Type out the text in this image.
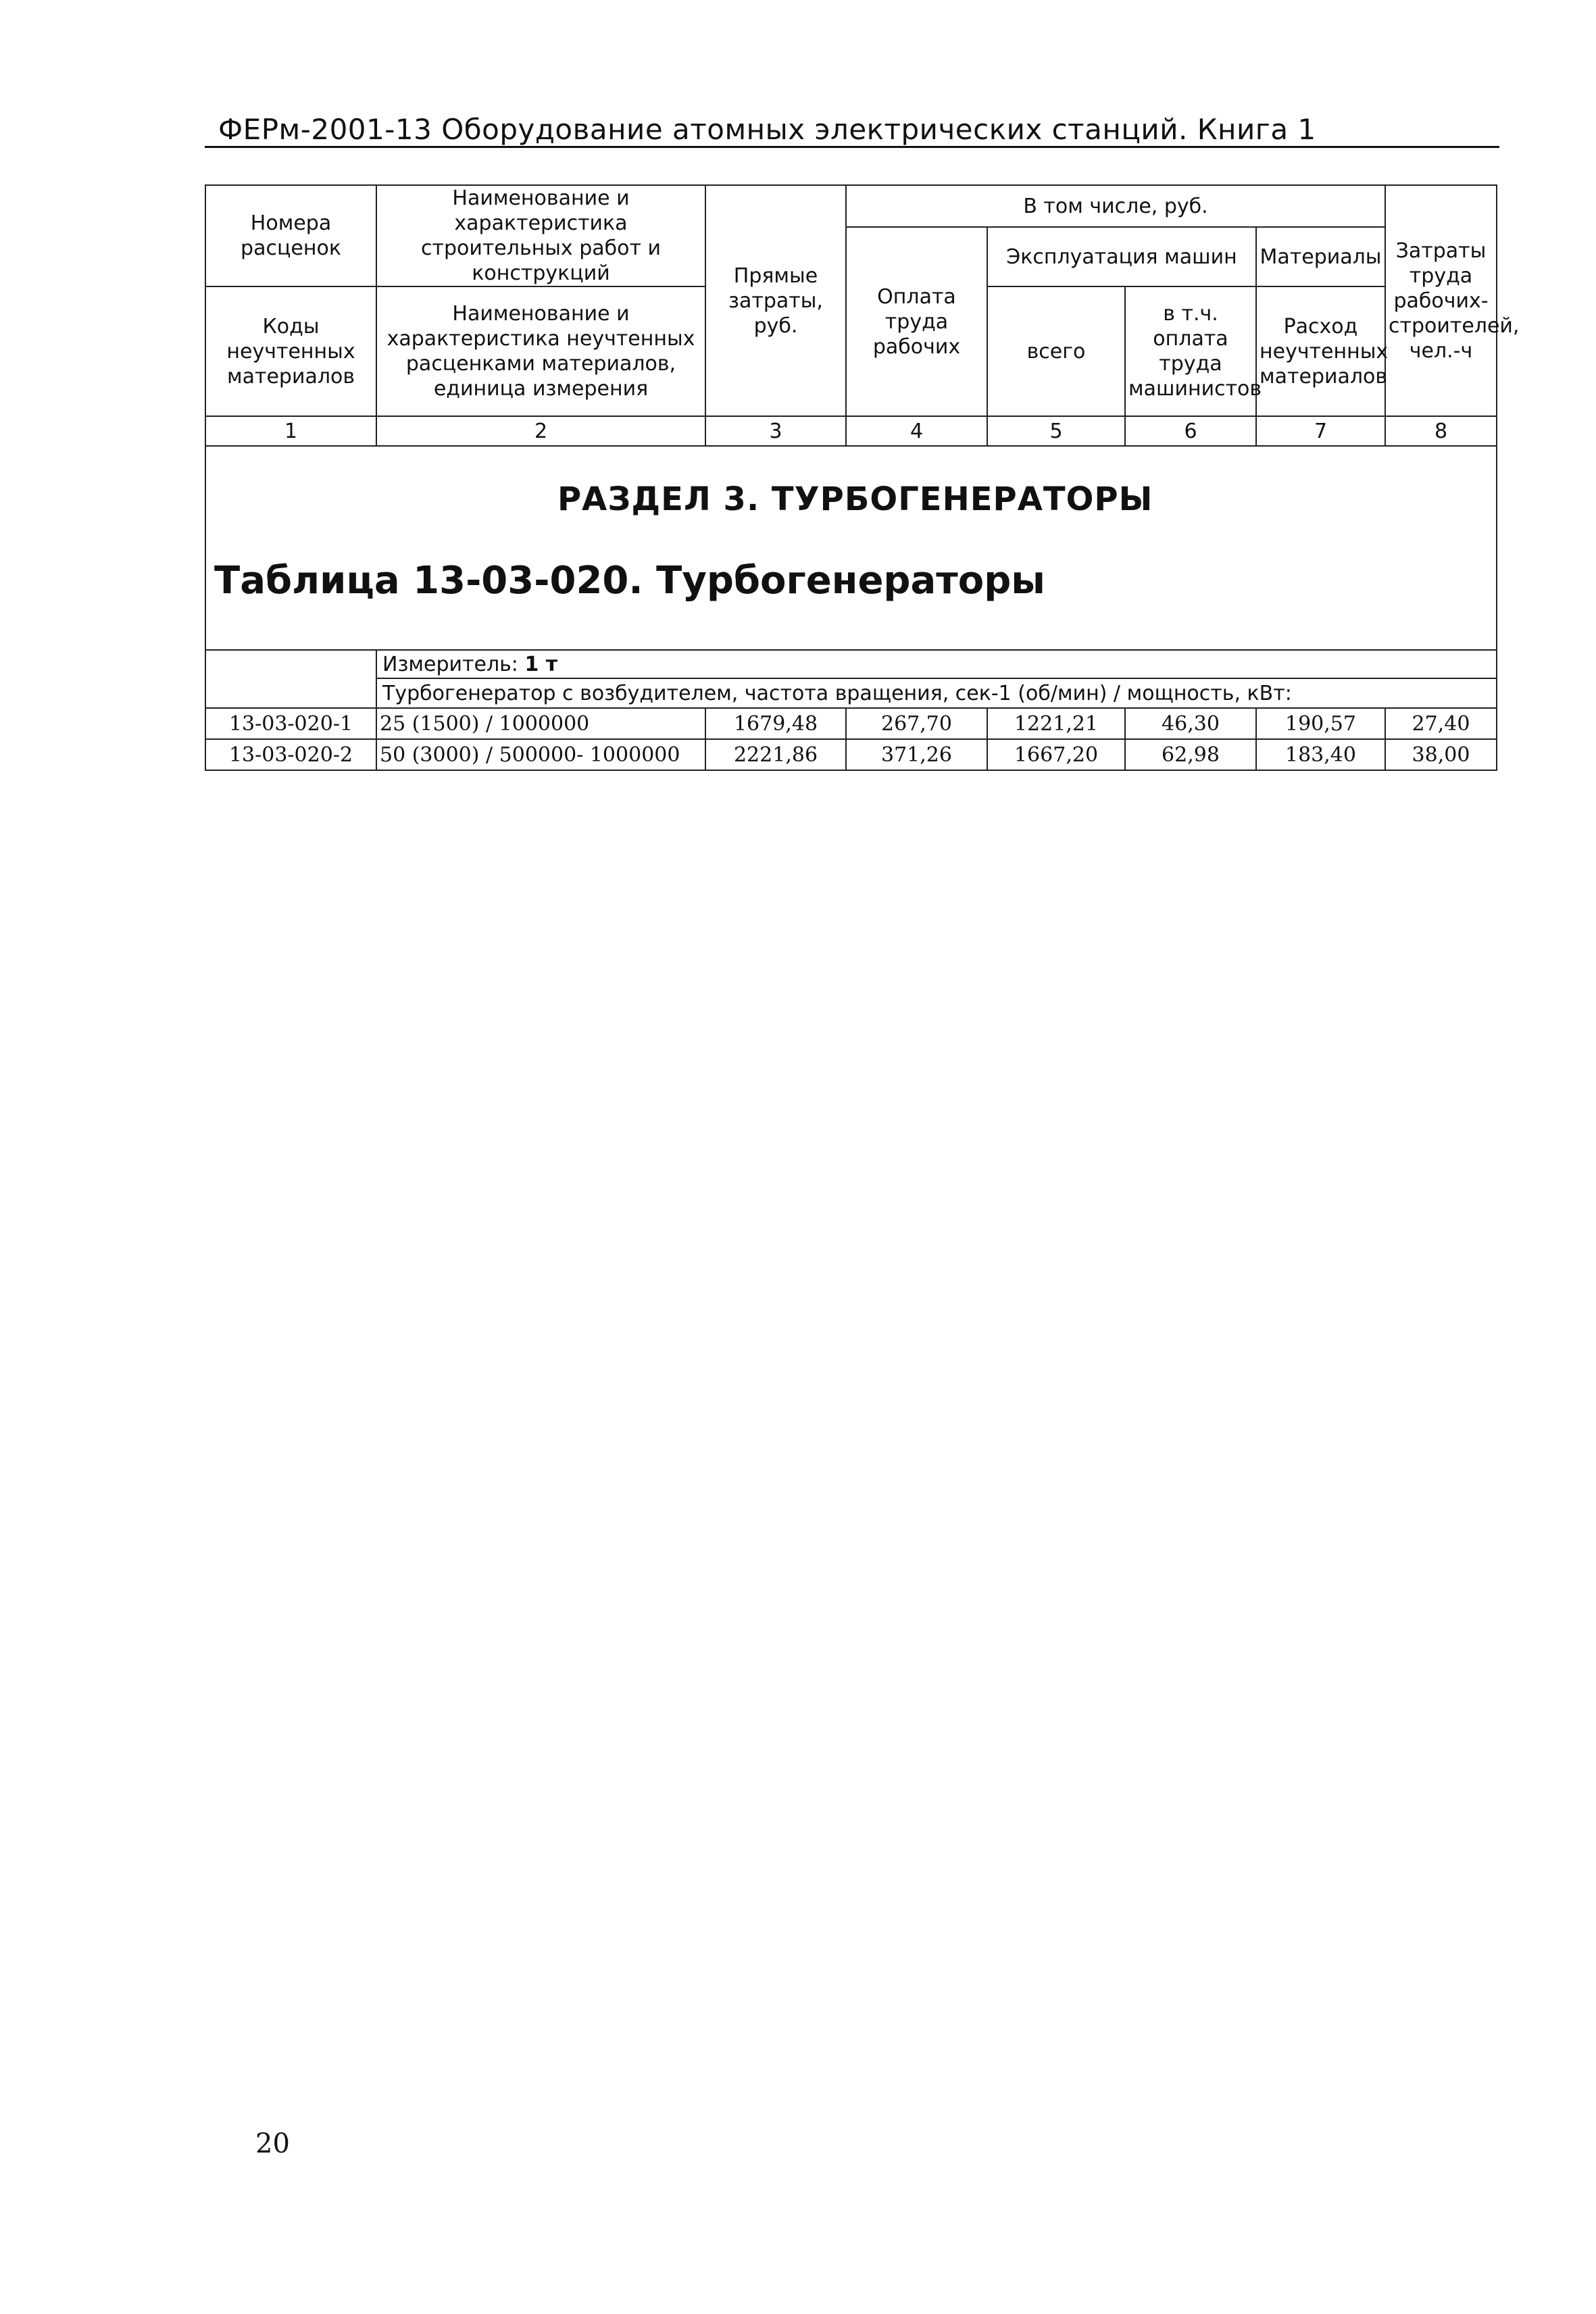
ФЕРм-2001-13 Оборудование атомных электрических станций. Книга 1
Номера расценок	Наименование и характеристика строительных работ и конструкций	Прямые затраты, руб.	В том числе, руб.				Затраты труда рабочих-строителей, чел.-ч
			Оплата труда рабочих	Эксплуатация машин		Материалы	
Коды неучтенных материалов	Наименование и характеристика неучтенных расценками материалов, единица измерения			всего	в т.ч. оплата труда машинистов	Расход неучтенных материалов	

1	2	3	4	5	6	7	8

РАЗДЕЛ 3. ТУРБОГЕНЕРАТОРЫ
Таблица 13-03-020. Турбогенераторы							

	Измеритель: 1 т						
	Турбогенератор с возбудителем, частота вращения, сек-1 (об/мин) / мощность, кВт:						
13-03-020-1	25 (1500) / 1000000	1679,48	267,70	1221,21	46,30	190,57	27,40
13-03-020-2	50 (3000) / 500000- 1000000	2221,86	371,26	1667,20	62,98	183,40	38,00
20
